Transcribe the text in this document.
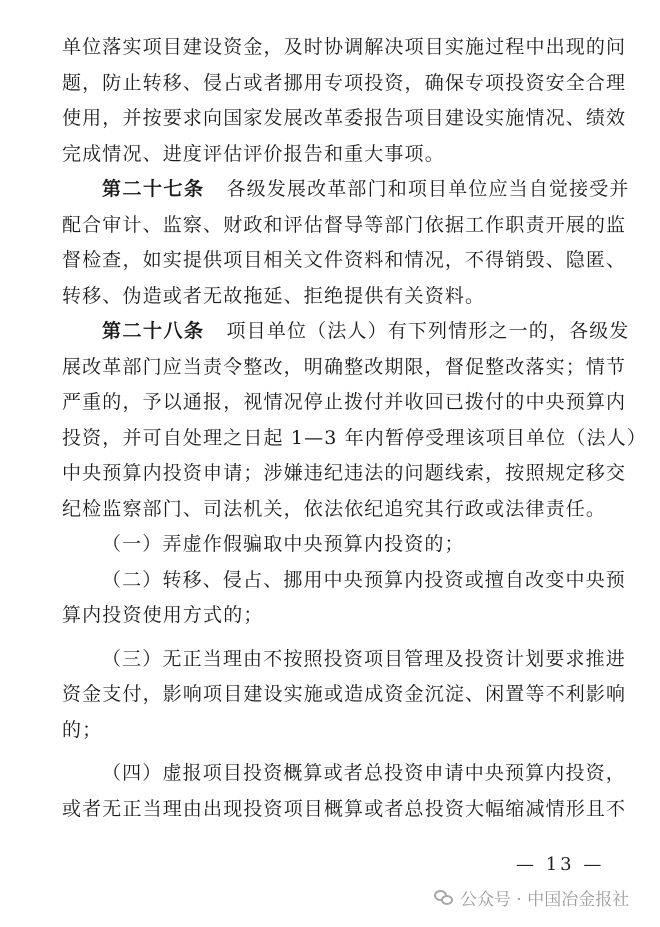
单位落实项目建设资金，及时协调解决项目实施过程中出现的问
题，防止转移、侵占或者挪用专项投资，确保专项投资安全合理
使用，并按要求向国家发展改革委报告项目建设实施情况、绩效
完成情况、进度评估评价报告和重大事项。
第二十七条 各级发展改革部门和项目单位应当自觉接受并
配合审计、监察、财政和评估督导等部门依据工作职责开展的监
督检查，如实提供项目相关文件资料和情况，不得销毁、隐匿、
转移、伪造或者无故拖延、拒绝提供有关资料。
第二十八条 项目单位（法人）有下列情形之一的，各级发
展改革部门应当责令整改，明确整改期限，督促整改落实；情节
严重的，予以通报，视情况停止拨付并收回已拨付的中央预算内
投资，并可自处理之日起 1—3 年内暂停受理该项目单位（法人）
中央预算内投资申请；涉嫌违纪违法的问题线索，按照规定移交
纪检监察部门、司法机关，依法依纪追究其行政或法律责任。
（一）弄虚作假骗取中央预算内投资的；
（二）转移、侵占、挪用中央预算内投资或擅自改变中央预
算内投资使用方式的；
（三）无正当理由不按照投资项目管理及投资计划要求推进
资金支付，影响项目建设实施或造成资金沉淀、闲置等不利影响
的；
（四）虚报项目投资概算或者总投资申请中央预算内投资，
或者无正当理由出现投资项目概算或者总投资大幅缩减情形且不
— 13 —
公众号 · 中国冶金报社
